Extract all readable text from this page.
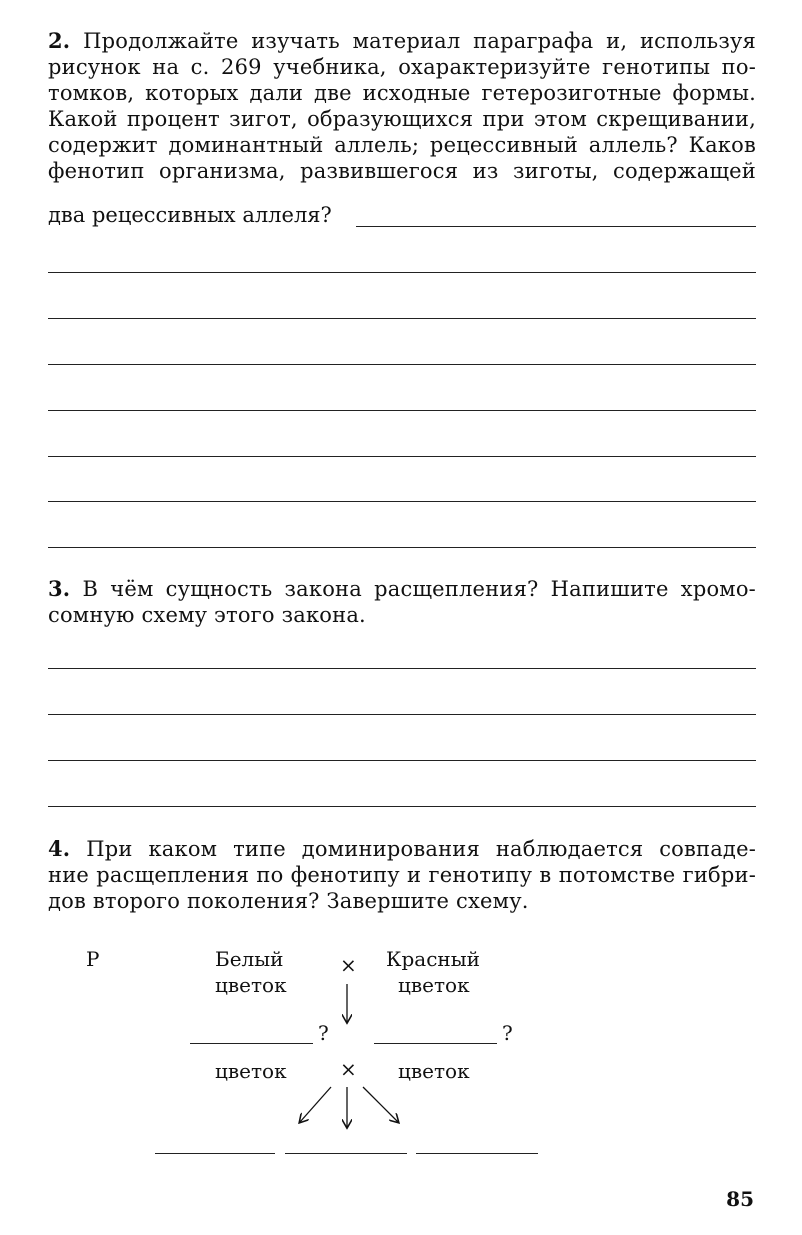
2. Продолжайте изучать материал параграфа и, используя
рисунок на с. 269 учебника, охарактеризуйте генотипы по-
томков, которых дали две исходные гетерозиготные формы.
Какой процент зигот, образующихся при этом скрещивании,
содержит доминантный аллель; рецессивный аллель? Каков
фенотип организма, развившегося из зиготы, содержащей
два рецессивных аллеля?
3. В чём сущность закона расщепления? Напишите хромо-
сомную схему этого закона.
4. При каком типе доминирования наблюдается совпаде-
ние расщепления по фенотипу и генотипу в потомстве гибри-
дов второго поколения? Завершите схему.
P	Белый
цветок
× Красный
цветок
?	?
цветок	× цветок
85
